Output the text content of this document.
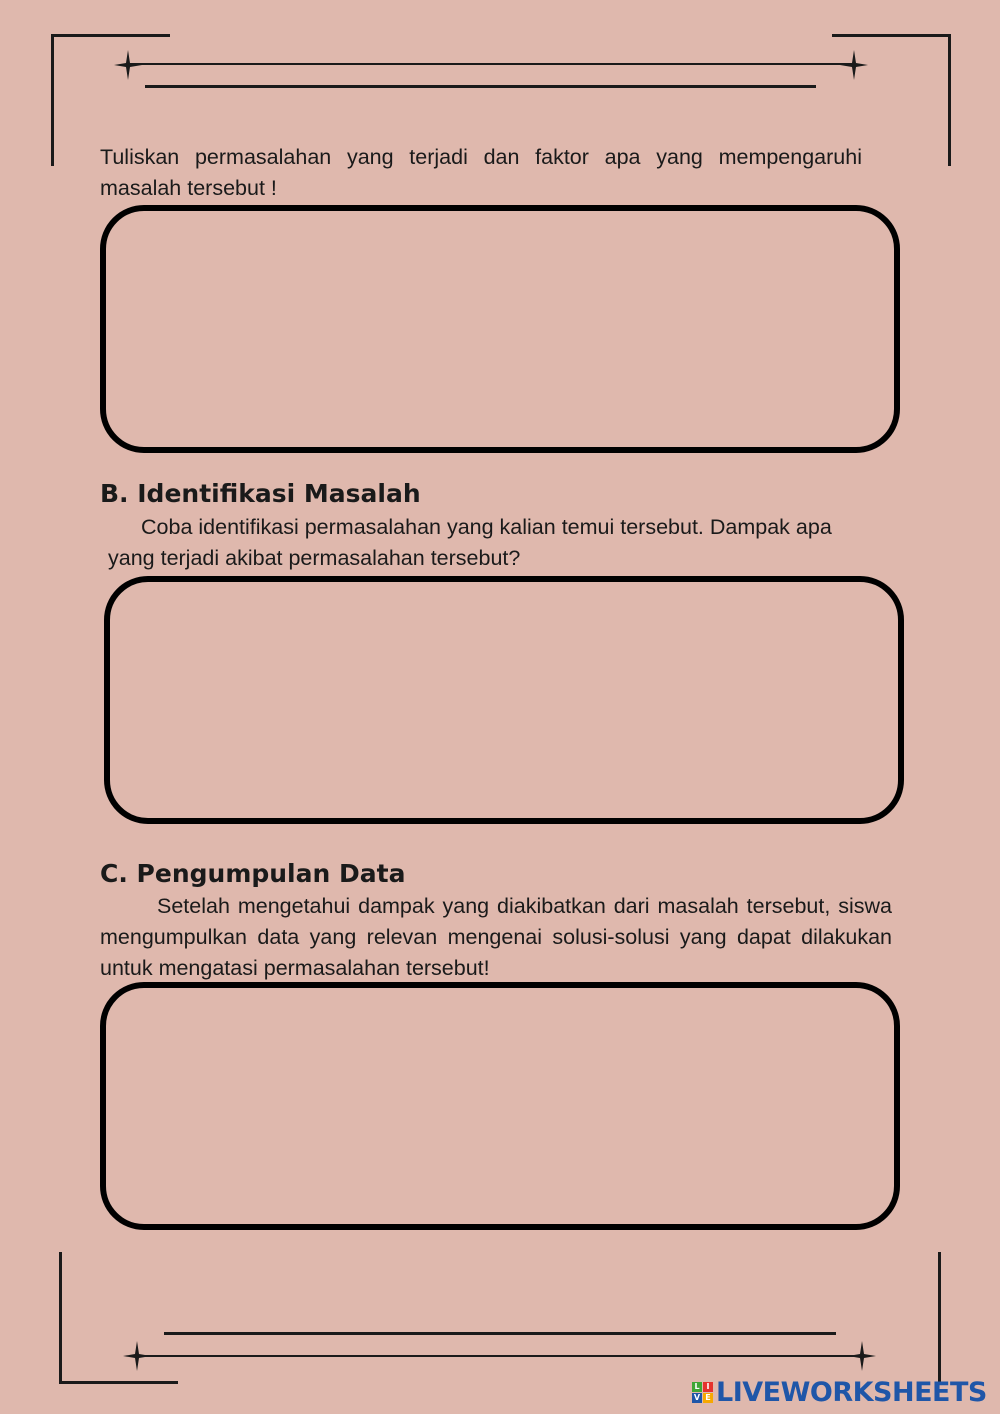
Tuliskan permasalahan yang terjadi dan faktor apa yang mempengaruhi masalah tersebut !

B. Identifikasi Masalah

Coba identifikasi permasalahan yang kalian temui tersebut. Dampak apa

yang terjadi akibat permasalahan tersebut?

C. Pengumpulan Data

Setelah mengetahui dampak yang diakibatkan dari masalah tersebut, siswa mengumpulkan data yang relevan mengenai solusi-solusi yang dapat dilakukan untuk mengatasi permasalahan tersebut!

L I
V E LIVEWORKSHEETS
